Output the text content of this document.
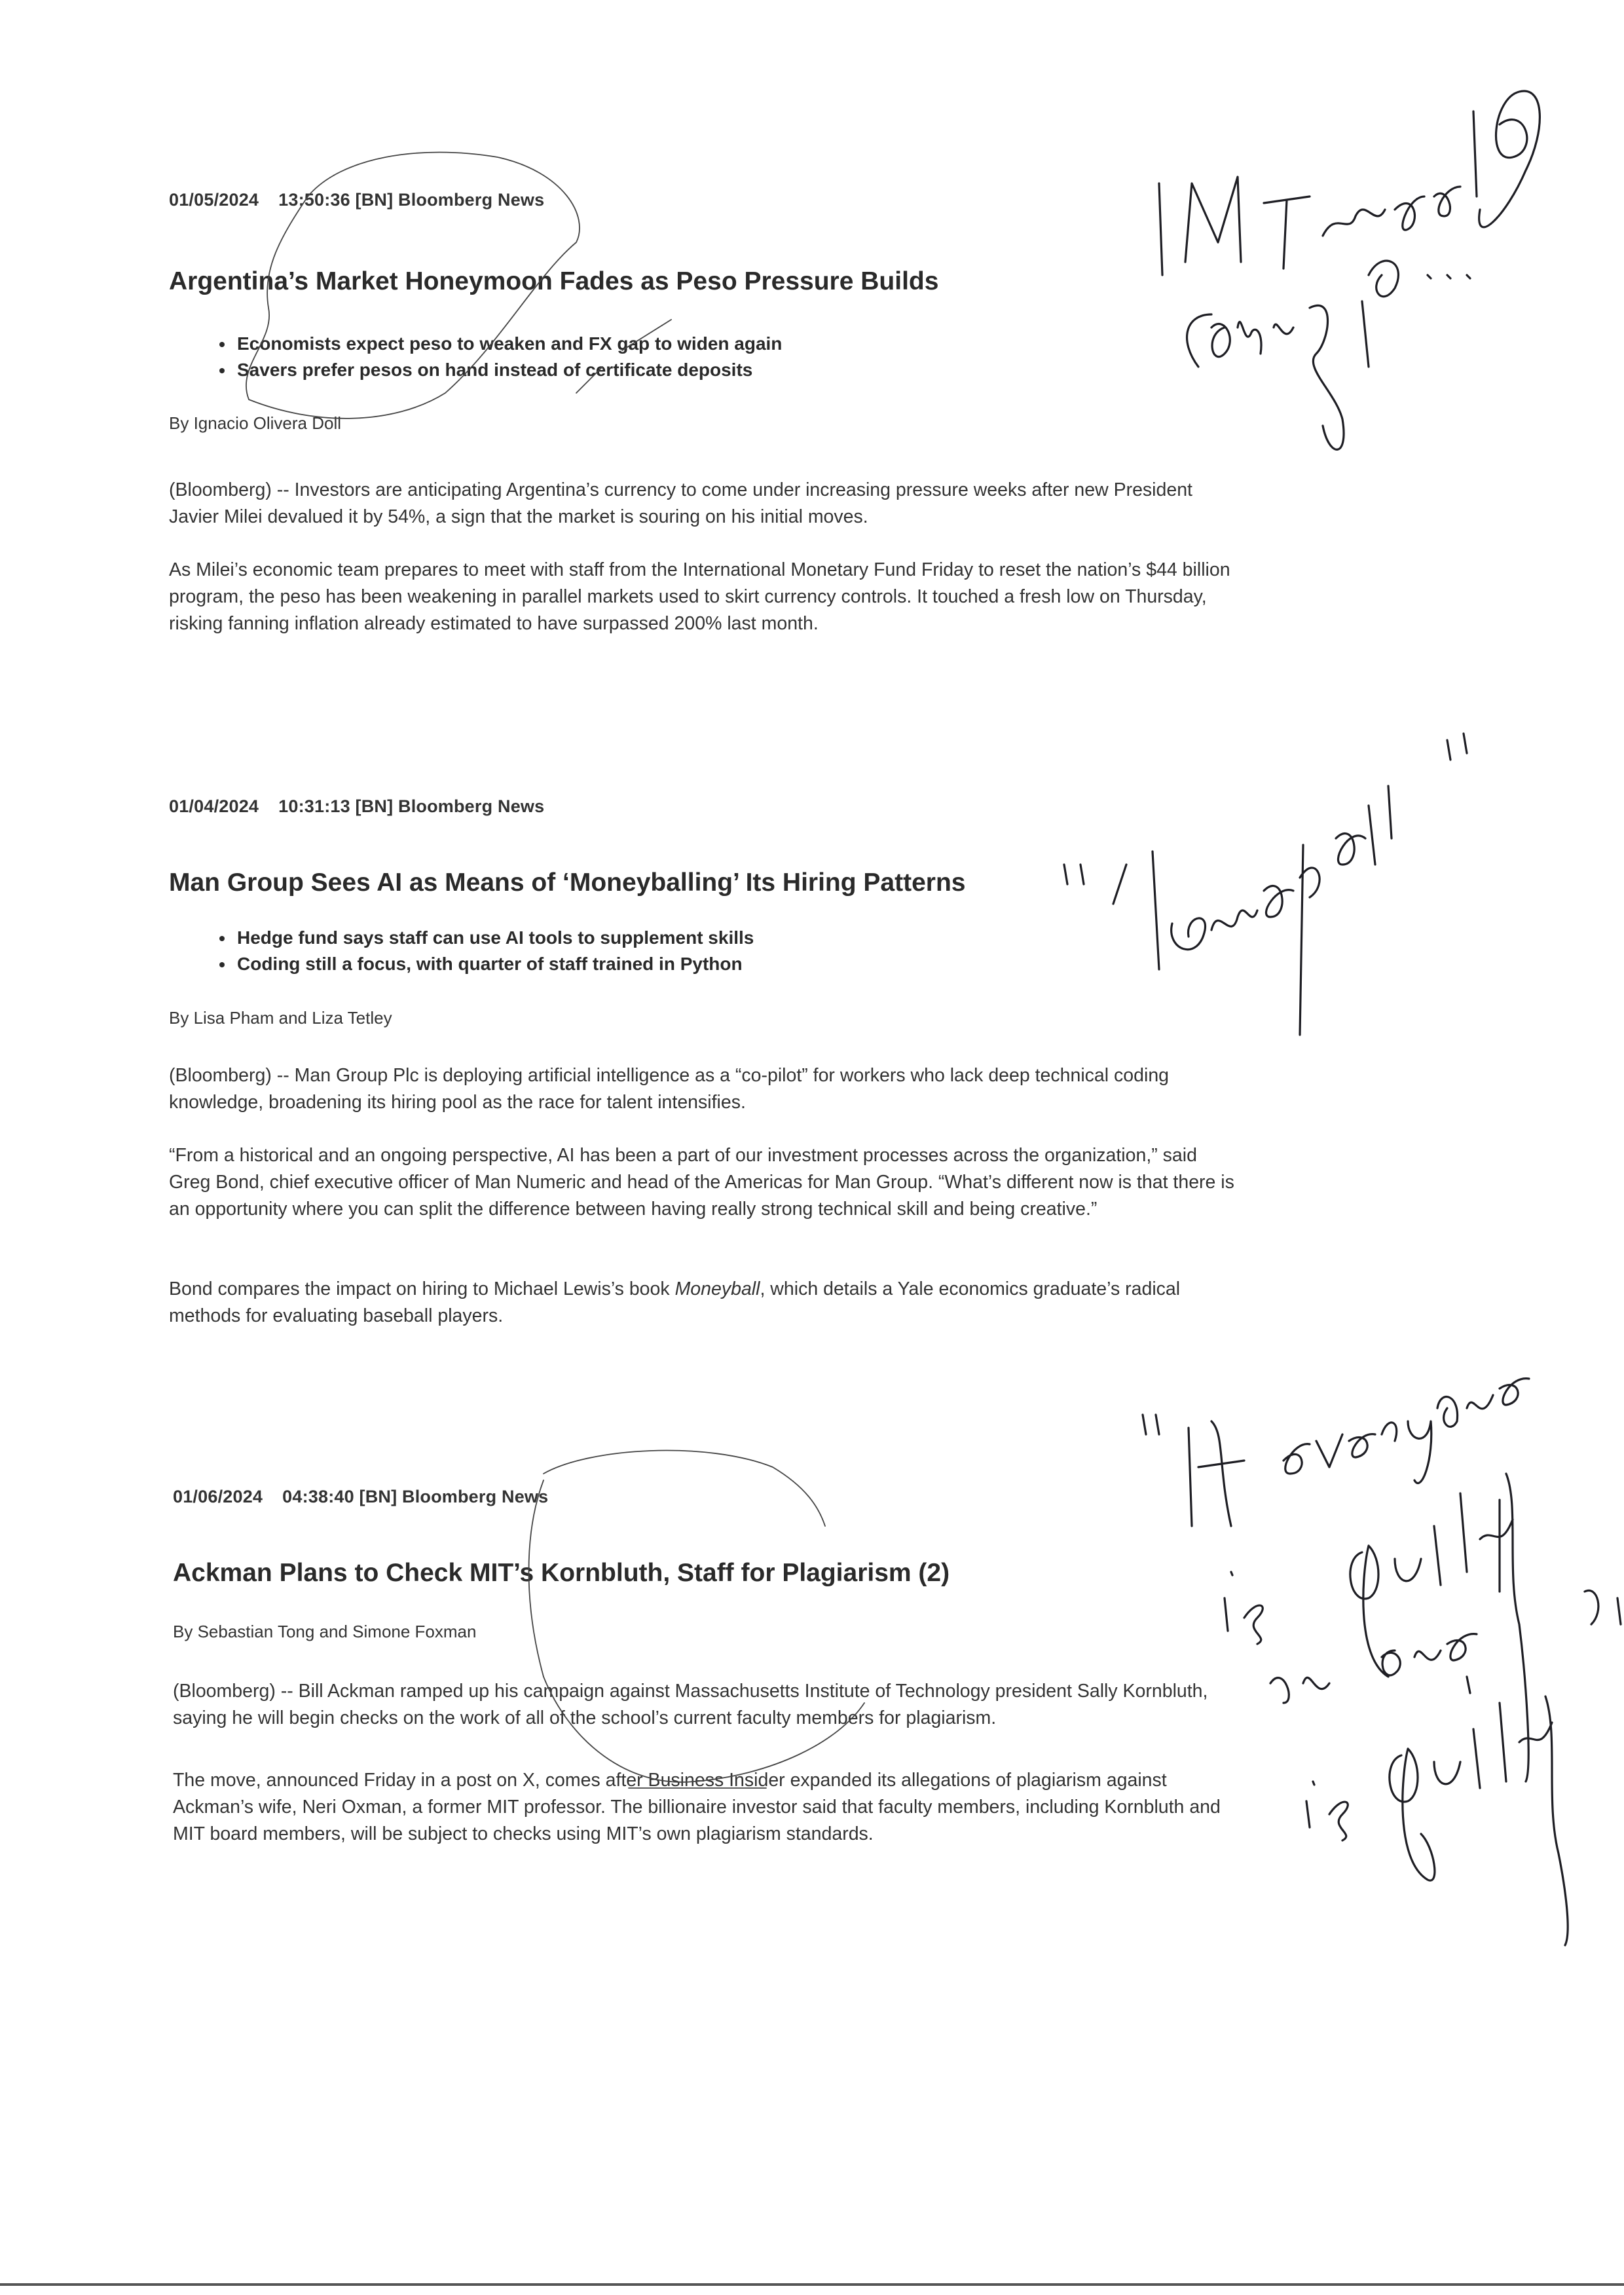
01/05/2024 13:50:36 [BN] Bloomberg News
Argentina’s Market Honeymoon Fades as Peso Pressure Builds
• Economists expect peso to weaken and FX gap to widen again
• Savers prefer pesos on hand instead of certificate deposits
By Ignacio Olivera Doll

(Bloomberg) -- Investors are anticipating Argentina’s currency to come under increasing pressure weeks after new President Javier Milei devalued it by 54%, a sign that the market is souring on his initial moves.

As Milei’s economic team prepares to meet with staff from the International Monetary Fund Friday to reset the nation’s $44 billion program, the peso has been weakening in parallel markets used to skirt currency controls. It touched a fresh low on Thursday, risking fanning inflation already estimated to have surpassed 200% last month.

01/04/2024 10:31:13 [BN] Bloomberg News
Man Group Sees AI as Means of ‘Moneyballing’ Its Hiring Patterns
• Hedge fund says staff can use AI tools to supplement skills
• Coding still a focus, with quarter of staff trained in Python
By Lisa Pham and Liza Tetley

(Bloomberg) -- Man Group Plc is deploying artificial intelligence as a “co-pilot” for workers who lack deep technical coding knowledge, broadening its hiring pool as the race for talent intensifies.

“From a historical and an ongoing perspective, AI has been a part of our investment processes across the organization,” said Greg Bond, chief executive officer of Man Numeric and head of the Americas for Man Group. “What’s different now is that there is an opportunity where you can split the difference between having really strong technical skill and being creative.”

Bond compares the impact on hiring to Michael Lewis’s book Moneyball, which details a Yale economics graduate’s radical methods for evaluating baseball players.

01/06/2024 04:38:40 [BN] Bloomberg News
Ackman Plans to Check MIT’s Kornbluth, Staff for Plagiarism (2)
By Sebastian Tong and Simone Foxman

(Bloomberg) -- Bill Ackman ramped up his campaign against Massachusetts Institute of Technology president Sally Kornbluth, saying he will begin checks on the work of all of the school’s current faculty members for plagiarism.

The move, announced Friday in a post on X, comes after Business Insider expanded its allegations of plagiarism against Ackman’s wife, Neri Oxman, a former MIT professor. The billionaire investor said that faculty members, including Kornbluth and MIT board members, will be subject to checks using MIT’s own plagiarism standards.
